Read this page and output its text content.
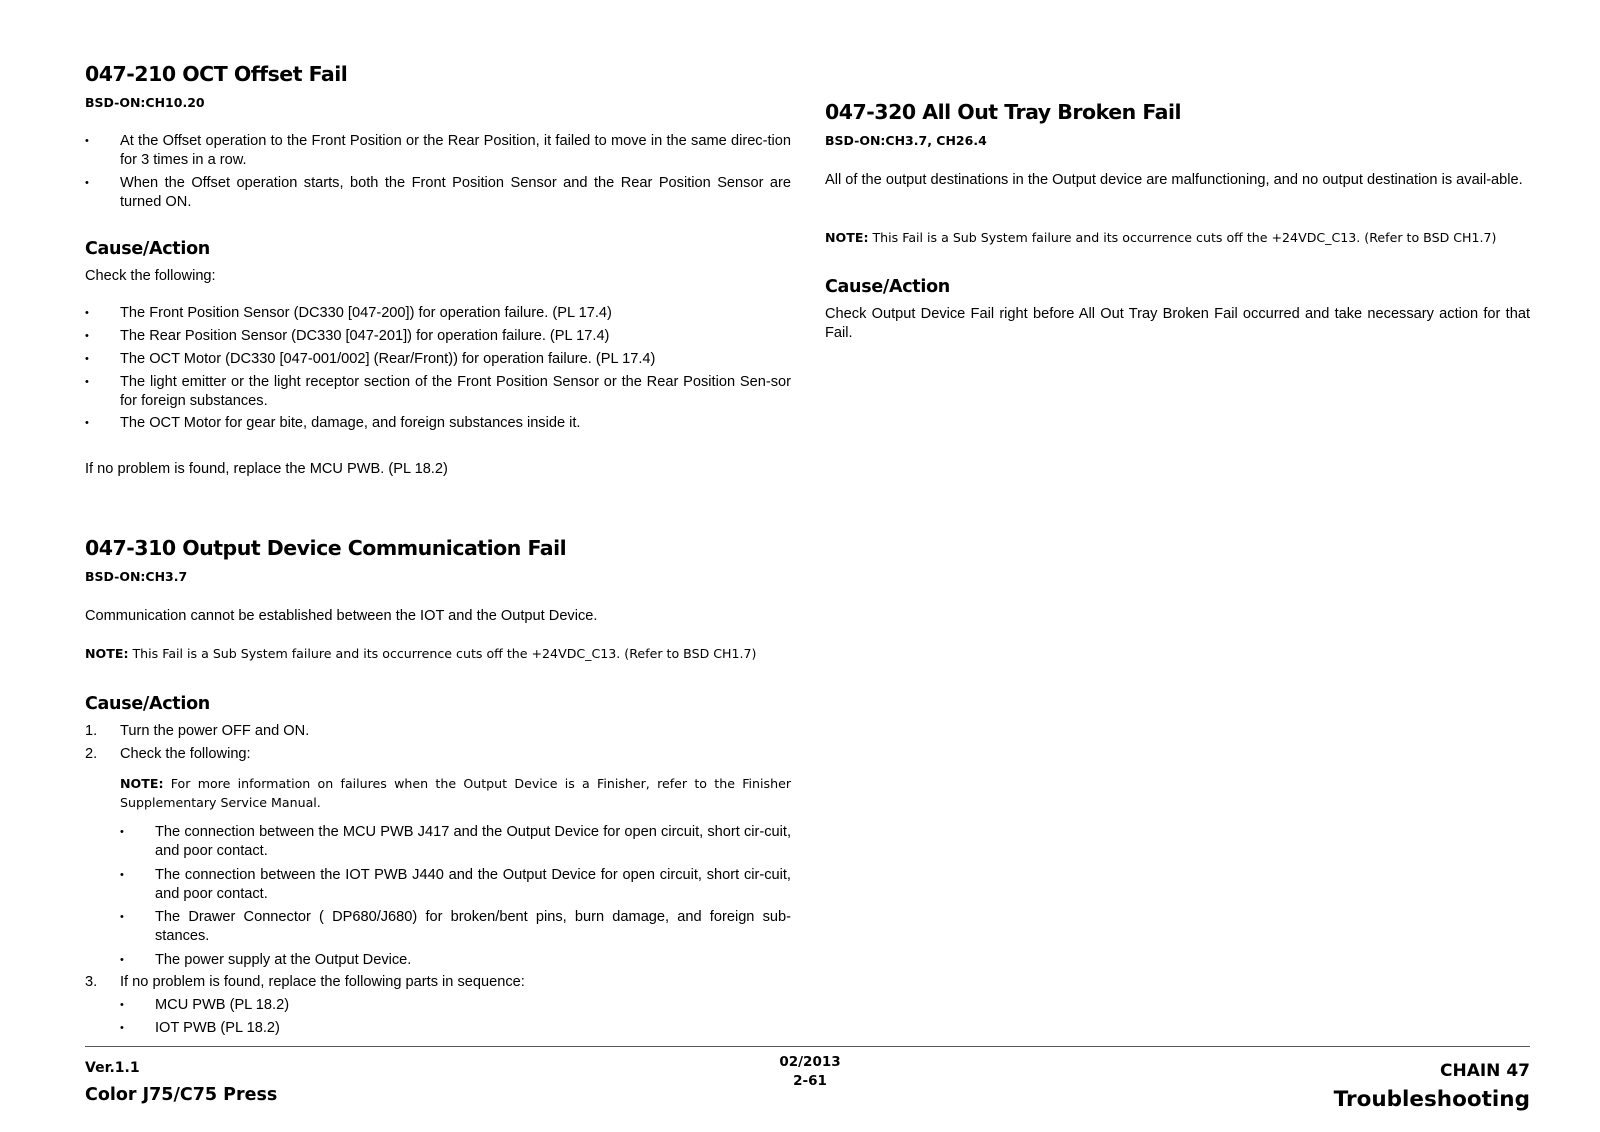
047-210 OCT Offset Fail
BSD-ON:CH10.20
•	At the Offset operation to the Front Position or the Rear Position, it failed to move in the same direc-tion for 3 times in a row.
•	When the Offset operation starts, both the Front Position Sensor and the Rear Position Sensor are turned ON.
Cause/Action
Check the following:
•	The Front Position Sensor (DC330 [047-200]) for operation failure. (PL 17.4)
•	The Rear Position Sensor (DC330 [047-201]) for operation failure. (PL 17.4)
•	The OCT Motor (DC330 [047-001/002] (Rear/Front)) for operation failure. (PL 17.4)
•	The light emitter or the light receptor section of the Front Position Sensor or the Rear Position Sen-sor for foreign substances.
•	The OCT Motor for gear bite, damage, and foreign substances inside it.
If no problem is found, replace the MCU PWB. (PL 18.2)
047-310 Output Device Communication Fail
BSD-ON:CH3.7
Communication cannot be established between the IOT and the Output Device.
NOTE: This Fail is a Sub System failure and its occurrence cuts off the +24VDC_C13. (Refer to BSD CH1.7)
Cause/Action
1. Turn the power OFF and ON.
2. Check the following:
NOTE: For more information on failures when the Output Device is a Finisher, refer to the Finisher Supplementary Service Manual.
•	The connection between the MCU PWB J417 and the Output Device for open circuit, short cir-cuit, and poor contact.
•	The connection between the IOT PWB J440 and the Output Device for open circuit, short cir-cuit, and poor contact.
•	The Drawer Connector ( DP680/J680) for broken/bent pins, burn damage, and foreign sub-stances.
•	The power supply at the Output Device.
3. If no problem is found, replace the following parts in sequence:
•	MCU PWB (PL 18.2)
•	IOT PWB (PL 18.2)
047-320 All Out Tray Broken Fail
BSD-ON:CH3.7, CH26.4
All of the output destinations in the Output device are malfunctioning, and no output destination is avail-able.
NOTE: This Fail is a Sub System failure and its occurrence cuts off the +24VDC_C13. (Refer to BSD CH1.7)
Cause/Action
Check Output Device Fail right before All Out Tray Broken Fail occurred and take necessary action for that Fail.
Ver.1.1
Color J75/C75 Press
02/2013
2-61	CHAIN 47
Troubleshooting
